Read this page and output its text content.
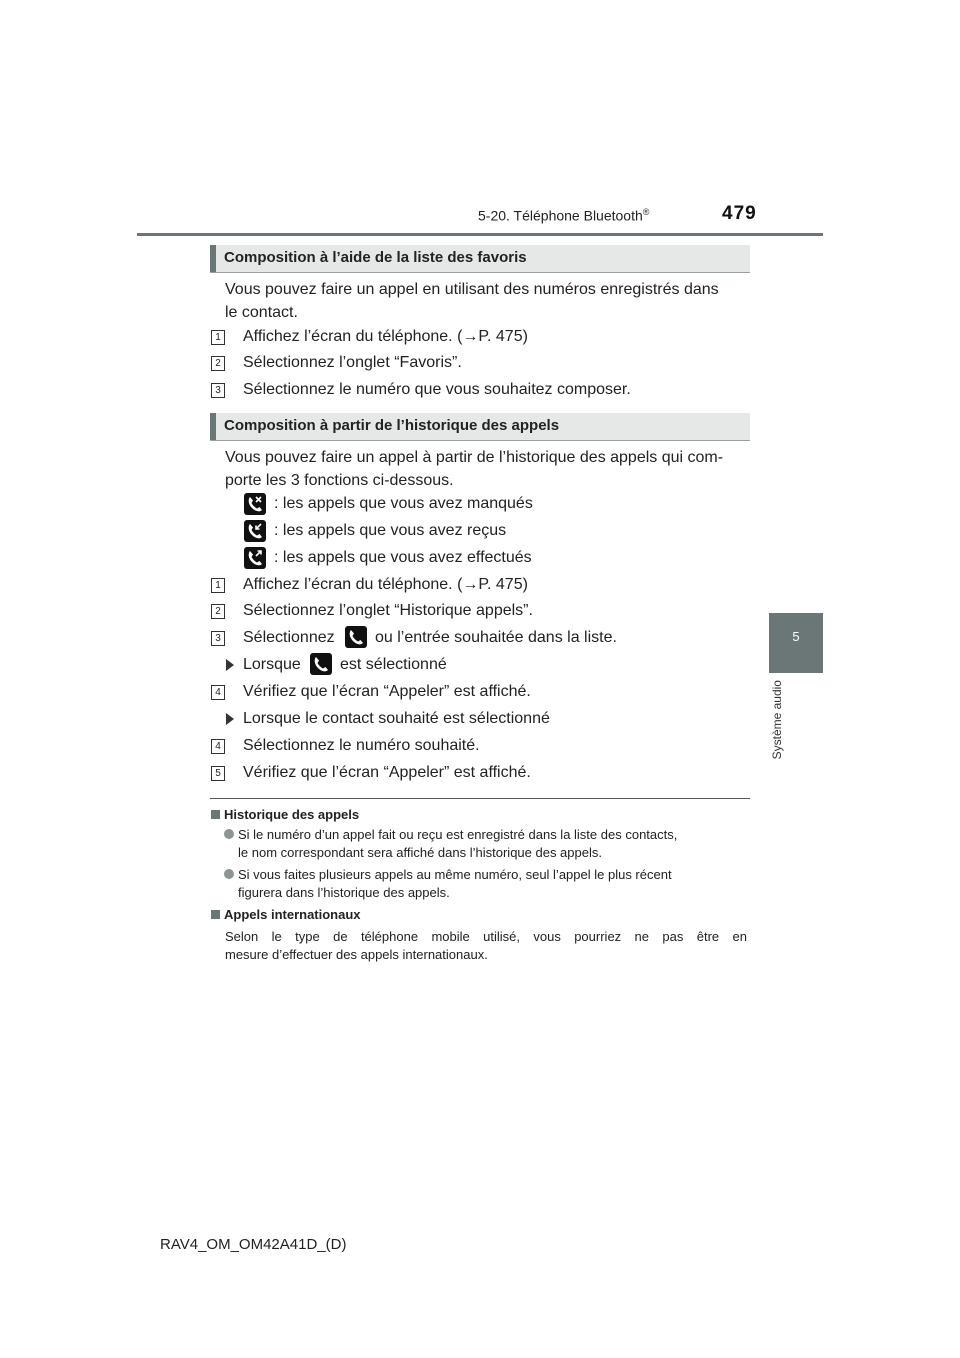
5-20. Téléphone Bluetooth®	479
5
Système audio
Composition à l’aide de la liste des favoris
Vous pouvez faire un appel en utilisant des numéros enregistrés dans
le contact.
1 Affichez l’écran du téléphone. (→P. 475)
2 Sélectionnez l’onglet “Favoris”.
3 Sélectionnez le numéro que vous souhaitez composer.
Composition à partir de l’historique des appels
Vous pouvez faire un appel à partir de l’historique des appels qui com-
porte les 3 fonctions ci-dessous.
: les appels que vous avez manqués
: les appels que vous avez reçus
: les appels que vous avez effectués
1 Affichez l’écran du téléphone. (→P. 475)
2 Sélectionnez l’onglet “Historique appels”.
3 Sélectionnez	ou l’entrée souhaitée dans la liste.
Lorsque est sélectionné
4 Vérifiez que l’écran “Appeler” est affiché.
Lorsque le contact souhaité est sélectionné
4 Sélectionnez le numéro souhaité.
5 Vérifiez que l’écran “Appeler” est affiché.
Historique des appels
Si le numéro d’un appel fait ou reçu est enregistré dans la liste des contacts,
le nom correspondant sera affiché dans l’historique des appels.
Si vous faites plusieurs appels au même numéro, seul l’appel le plus récent
figurera dans l’historique des appels.
Appels internationaux
Selon le type de téléphone mobile utilisé, vous pourriez ne pas être en
mesure d’effectuer des appels internationaux.
RAV4_OM_OM42A41D_(D)
